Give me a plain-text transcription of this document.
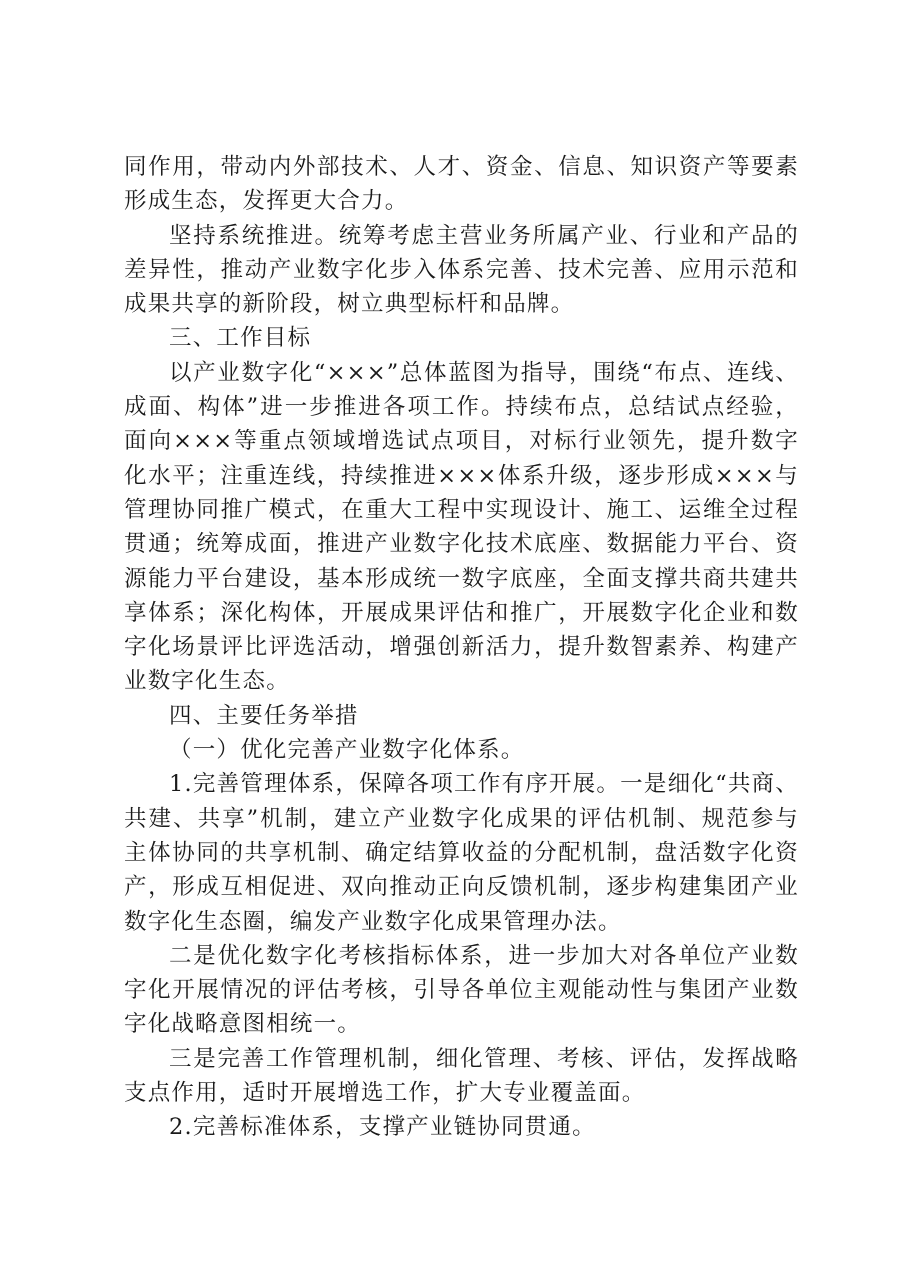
同作用，带动内外部技术、人才、资金、信息、知识资产等要素形成生态，发挥更大合力。

坚持系统推进。统筹考虑主营业务所属产业、行业和产品的差异性，推动产业数字化步入体系完善、技术完善、应用示范和成果共享的新阶段，树立典型标杆和品牌。

三、工作目标

以产业数字化“×××”总体蓝图为指导，围绕“布点、连线、成面、构体”进一步推进各项工作。持续布点，总结试点经验，面向×××等重点领域增选试点项目，对标行业领先，提升数字化水平；注重连线，持续推进×××体系升级，逐步形成×××与管理协同推广模式，在重大工程中实现设计、施工、运维全过程贯通；统筹成面，推进产业数字化技术底座、数据能力平台、资源能力平台建设，基本形成统一数字底座，全面支撑共商共建共享体系；深化构体，开展成果评估和推广，开展数字化企业和数字化场景评比评选活动，增强创新活力，提升数智素养、构建产业数字化生态。

四、主要任务举措

（一）优化完善产业数字化体系。

1.完善管理体系，保障各项工作有序开展。一是细化“共商、共建、共享”机制，建立产业数字化成果的评估机制、规范参与主体协同的共享机制、确定结算收益的分配机制，盘活数字化资产，形成互相促进、双向推动正向反馈机制，逐步构建集团产业数字化生态圈，编发产业数字化成果管理办法。

二是优化数字化考核指标体系，进一步加大对各单位产业数字化开展情况的评估考核，引导各单位主观能动性与集团产业数字化战略意图相统一。

三是完善工作管理机制，细化管理、考核、评估，发挥战略支点作用，适时开展增选工作，扩大专业覆盖面。

2.完善标准体系，支撑产业链协同贯通。
